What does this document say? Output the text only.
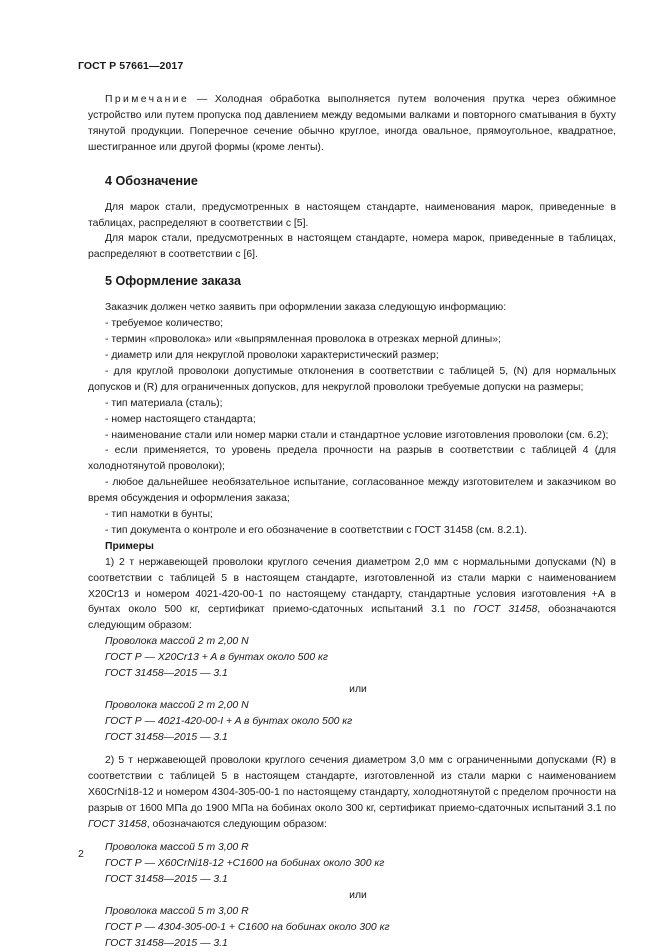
ГОСТ Р 57661—2017

Примечание — Холодная обработка выполняется путем волочения прутка через обжимное устройство или путем пропуска под давлением между ведомыми валками и повторного сматывания в бухту тянутой продукции. Поперечное сечение обычно круглое, иногда овальное, прямоугольное, квадратное, шестигранное или другой формы (кроме ленты).

4 Обозначение

Для марок стали, предусмотренных в настоящем стандарте, наименования марок, приведенные в таблицах, распределяют в соответствии с [5].

Для марок стали, предусмотренных в настоящем стандарте, номера марок, приведенные в таблицах, распределяют в соответствии с [6].

5 Оформление заказа

Заказчик должен четко заявить при оформлении заказа следующую информацию:

- требуемое количество;

- термин «проволока» или «выпрямленная проволока в отрезках мерной длины»;

- диаметр или для некруглой проволоки характеристический размер;

- для круглой проволоки допустимые отклонения в соответствии с таблицей 5, (N) для нормальных допусков и (R) для ограниченных допусков, для некруглой проволоки требуемые допуски на размеры;

- тип материала (сталь);

- номер настоящего стандарта;

- наименование стали или номер марки стали и стандартное условие изготовления проволоки (см. 6.2);

- если применяется, то уровень предела прочности на разрыв в соответствии с таблицей 4 (для холоднотянутой проволоки);

- любое дальнейшее необязательное испытание, согласованное между изготовителем и заказчиком во время обсуждения и оформления заказа;

- тип намотки в бунты;

- тип документа о контроле и его обозначение в соответствии с ГОСТ 31458 (см. 8.2.1).

Примеры

1) 2 т нержавеющей проволоки круглого сечения диаметром 2,0 мм с нормальными допусками (N) в соответствии с таблицей 5 в настоящем стандарте, изготовленной из стали марки с наименованием X20Cr13 и номером 4021-420-00-1 по настоящему стандарту, стандартные условия изготовления +А в бунтах около 500 кг, сертификат приемо-сдаточных испытаний 3.1 по ГОСТ 31458, обозначаются следующим образом:

Проволока массой 2 т 2,00 N
ГОСТ Р — X20Cr13 + A в бунтах около 500 кг
ГОСТ 31458—2015 — 3.1

или

Проволока массой 2 т 2,00 N
ГОСТ Р — 4021-420-00-I + A в бунтах около 500 кг
ГОСТ 31458—2015 — 3.1

2) 5 т нержавеющей проволоки круглого сечения диаметром 3,0 мм с ограниченными допусками (R) в соответствии с таблицей 5 в настоящем стандарте, изготовленной из стали марки с наименованием X60CrNi18-12 и номером 4304-305-00-1 по настоящему стандарту, холоднотянутой с пределом прочности на разрыв от 1600 МПа до 1900 МПа на бобинах около 300 кг, сертификат приемо-сдаточных испытаний 3.1 по ГОСТ 31458, обозначаются следующим образом:

Проволока массой 5 т 3,00 R
ГОСТ Р — X60CrNi18-12 +C1600 на бобинах около 300 кг
ГОСТ 31458—2015 — 3.1

или

Проволока массой 5 т 3,00 R
ГОСТ Р — 4304-305-00-1 + C1600 на бобинах около 300 кг
ГОСТ 31458—2015 — 3.1
2
